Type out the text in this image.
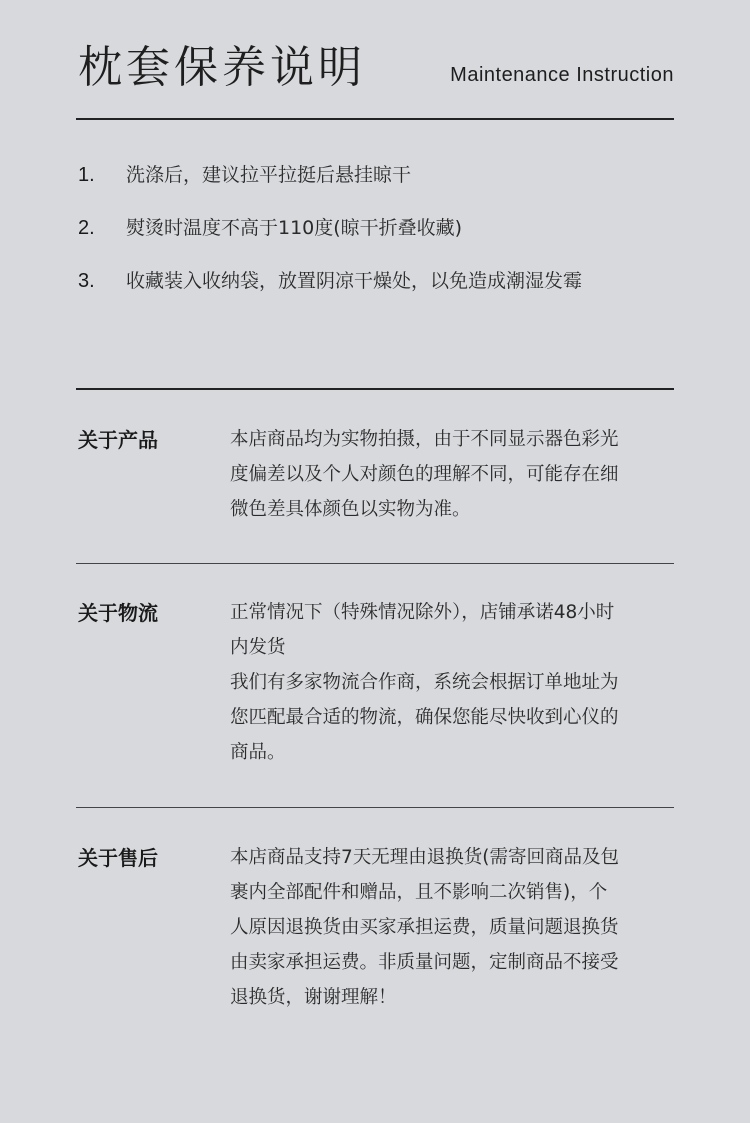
枕套保养说明	Maintenance Instruction
1.	洗涤后，建议拉平拉挺后悬挂晾干
2.	熨烫时温度不高于110度(晾干折叠收藏)
3.	收藏装入收纳袋，放置阴凉干燥处，以免造成潮湿发霉
关于产品	本店商品均为实物拍摄，由于不同显示器色彩光
度偏差以及个人对颜色的理解不同，可能存在细
微色差具体颜色以实物为准。
关于物流	正常情况下（特殊情况除外），店铺承诺48小时
内发货
我们有多家物流合作商，系统会根据订单地址为
您匹配最合适的物流，确保您能尽快收到心仪的
商品。
关于售后	本店商品支持7天无理由退换货(需寄回商品及包
裹内全部配件和赠品，且不影响二次销售)，个
人原因退换货由买家承担运费，质量问题退换货
由卖家承担运费。非质量问题，定制商品不接受
退换货，谢谢理解！
